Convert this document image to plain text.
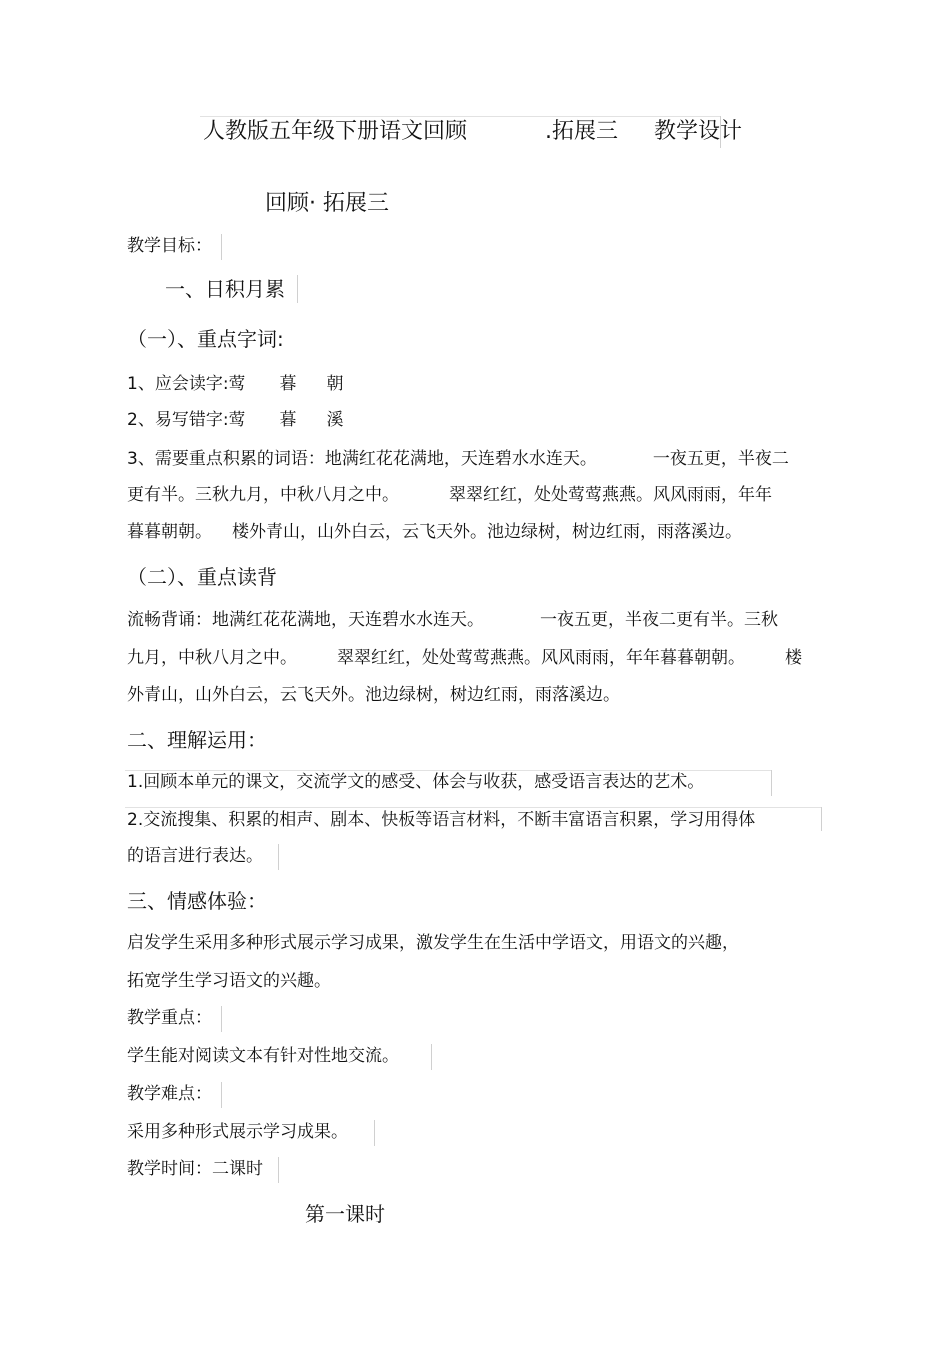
人教版五年级下册语文回顾	.拓展三 教学设计
回顾· 拓展三
教学目标：
一、日积月累
（一）、重点字词:
1、应会读字:莺 暮 朝
2、易写错字:莺 暮 溪
3、需要重点积累的词语：地满红花花满地，天连碧水水连天。	一夜五更，半夜二
更有半。三秋九月，中秋八月之中。	翠翠红红，处处莺莺燕燕。风风雨雨，年年
暮暮朝朝。 楼外青山，山外白云，云飞天外。池边绿树，树边红雨，雨落溪边。
（二）、重点读背
流畅背诵：地满红花花满地，天连碧水水连天。	一夜五更，半夜二更有半。三秋
九月，中秋八月之中。 翠翠红红，处处莺莺燕燕。风风雨雨，年年暮暮朝朝。 楼
外青山，山外白云，云飞天外。池边绿树，树边红雨，雨落溪边。
二、理解运用：
1.回顾本单元的课文，交流学文的感受、体会与收获，感受语言表达的艺术。
2.交流搜集、积累的相声、剧本、快板等语言材料，不断丰富语言积累，学习用得体
的语言进行表达。
三、情感体验：
启发学生采用多种形式展示学习成果，激发学生在生活中学语文，用语文的兴趣，
拓宽学生学习语文的兴趣。
教学重点：
学生能对阅读文本有针对性地交流。
教学难点：
采用多种形式展示学习成果。
教学时间：二课时
第一课时
